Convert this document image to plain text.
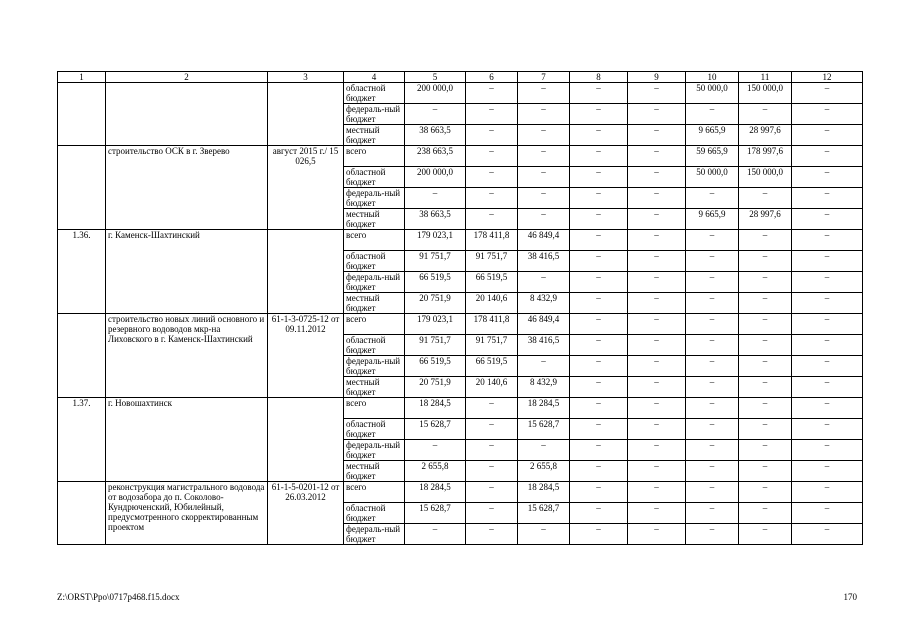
1	2	3	4	5	6	7	8	9	10	11	12
			областной бюджет	200 000,0	–	–	–	–	50 000,0	150 000,0	–
			федераль-ный бюджет	–	–	–	–	–	–	–	–
			местный бюджет	38 663,5	–	–	–	–	9 665,9	28 997,6	–
	строительство ОСК в г. Зверево	август 2015 г./ 15 026,5	всего	238 663,5	–	–	–	–	59 665,9	178 997,6	–
			областной бюджет	200 000,0	–	–	–	–	50 000,0	150 000,0	–
			федераль-ный бюджет	–	–	–	–	–	–	–	–
			местный бюджет	38 663,5	–	–	–	–	9 665,9	28 997,6	–
1.36.	г. Каменск-Шахтинский		всего	179 023,1	178 411,8	46 849,4	–	–	–	–	–
			областной бюджет	91 751,7	91 751,7	38 416,5	–	–	–	–	–
			федераль-ный бюджет	66 519,5	66 519,5	–	–	–	–	–	–
			местный бюджет	20 751,9	20 140,6	8 432,9	–	–	–	–	–
	строительство новых линий основного и резервного водоводов мкр-на Лиховского в г. Каменск-Шахтинский	61-1-3-0725-12 от 09.11.2012	всего	179 023,1	178 411,8	46 849,4	–	–	–	–	–
			областной бюджет	91 751,7	91 751,7	38 416,5	–	–	–	–	–
			федераль-ный бюджет	66 519,5	66 519,5	–	–	–	–	–	–
			местный бюджет	20 751,9	20 140,6	8 432,9	–	–	–	–	–
1.37.	г. Новошахтинск		всего	18 284,5	–	18 284,5	–	–	–	–	–
			областной бюджет	15 628,7	–	15 628,7	–	–	–	–	–
			федераль-ный бюджет	–	–	–	–	–	–	–	–
			местный бюджет	2 655,8	–	2 655,8	–	–	–	–	–
	реконструкция магистрального водовода от водозабора до п. Соколово-Кундрюченский, Юбилейный, предусмотренного скорректированным проектом	61-1-5-0201-12 от 26.03.2012	всего	18 284,5	–	18 284,5	–	–	–	–	–
			областной бюджет	15 628,7	–	15 628,7	–	–	–	–	–
			федераль-ный бюджет	–	–	–	–	–	–	–	–
Z:\ORST\Ppo\0717p468.f15.docx	170
